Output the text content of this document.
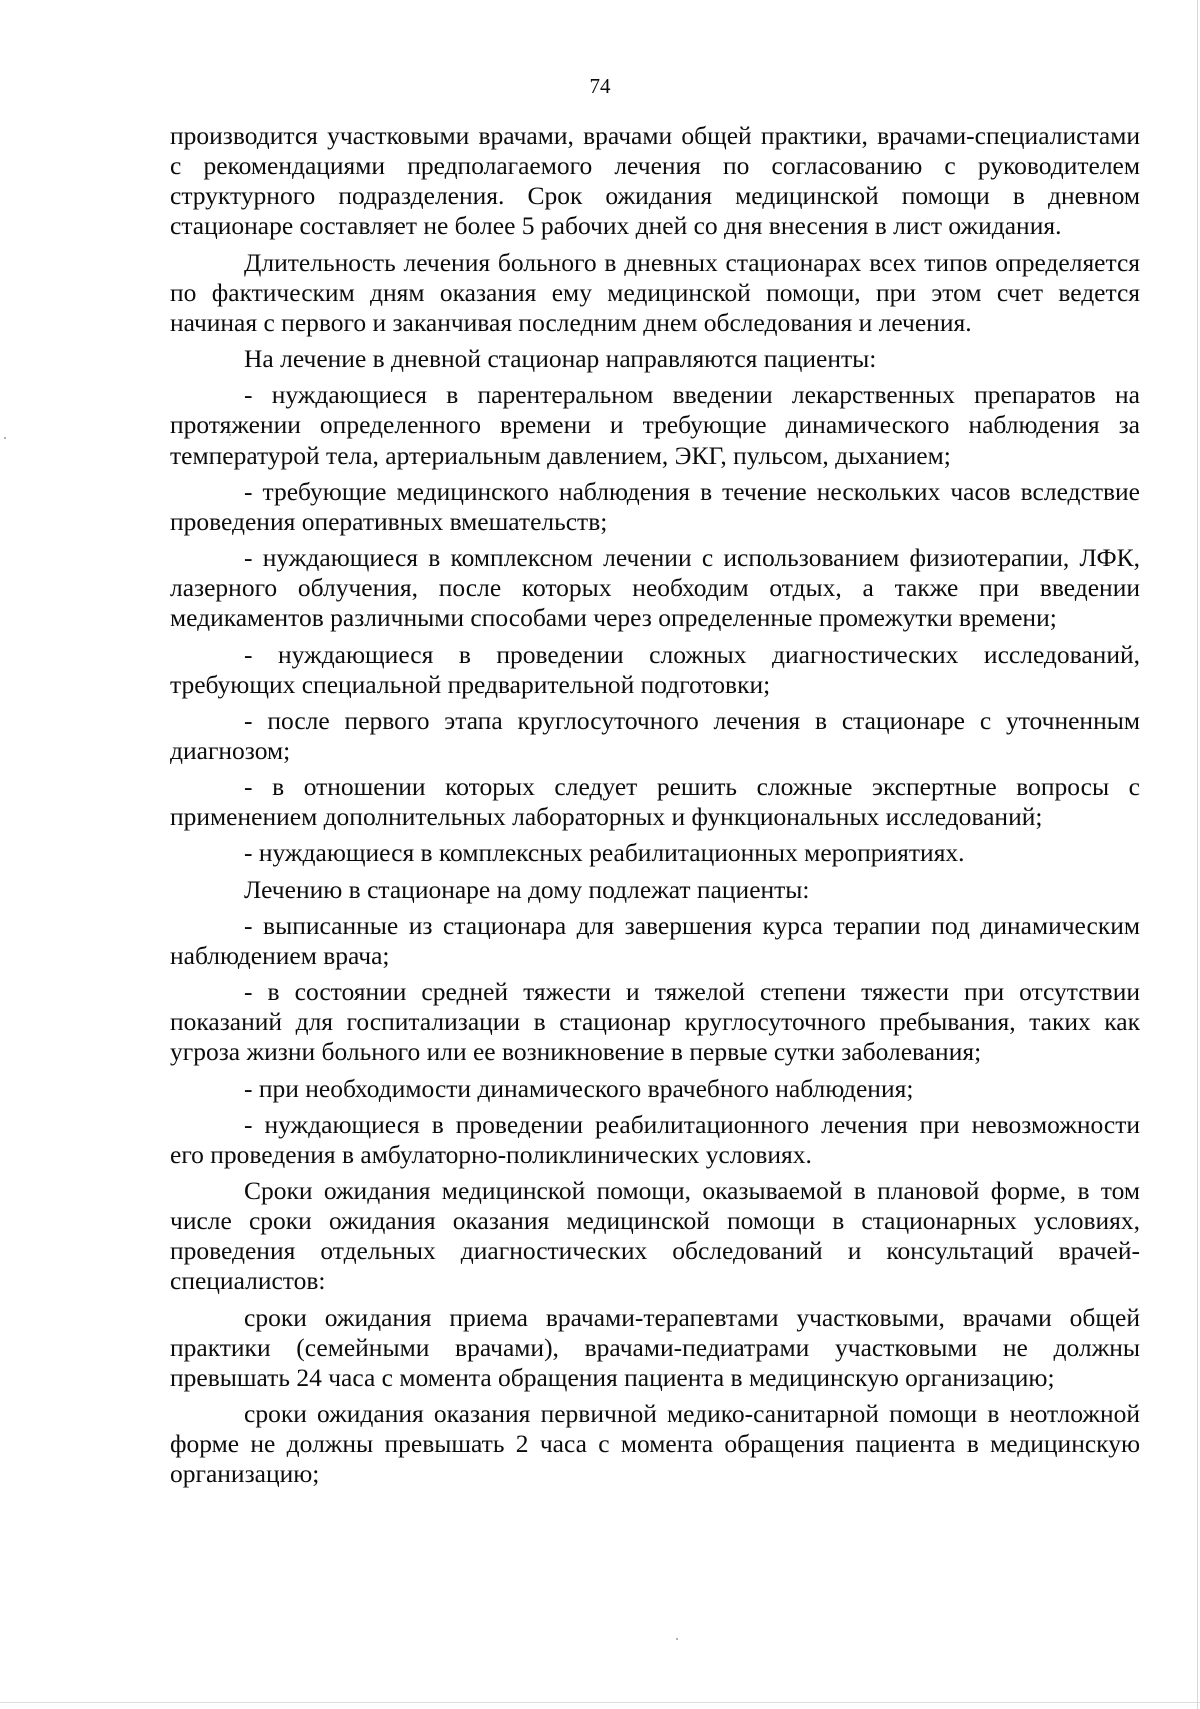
74

производится участковыми врачами, врачами общей практики, врачами-специалистами с рекомендациями предполагаемого лечения по согласованию с руководителем структурного подразделения. Срок ожидания медицинской помощи в дневном стационаре составляет не более 5 рабочих дней со дня внесения в лист ожидания.

Длительность лечения больного в дневных стационарах всех типов определяется по фактическим дням оказания ему медицинской помощи, при этом счет ведется начиная с первого и заканчивая последним днем обследования и лечения.

На лечение в дневной стационар направляются пациенты:

- нуждающиеся в парентеральном введении лекарственных препаратов на протяжении определенного времени и требующие динамического наблюдения за температурой тела, артериальным давлением, ЭКГ, пульсом, дыханием;

- требующие медицинского наблюдения в течение нескольких часов вследствие проведения оперативных вмешательств;

- нуждающиеся в комплексном лечении с использованием физиотерапии, ЛФК, лазерного облучения, после которых необходим отдых, а также при введении медикаментов различными способами через определенные промежутки времени;

- нуждающиеся в проведении сложных диагностических исследований, требующих специальной предварительной подготовки;

- после первого этапа круглосуточного лечения в стационаре с уточненным диагнозом;

- в отношении которых следует решить сложные экспертные вопросы с применением дополнительных лабораторных и функциональных исследований;

- нуждающиеся в комплексных реабилитационных мероприятиях.

Лечению в стационаре на дому подлежат пациенты:

- выписанные из стационара для завершения курса терапии под динамическим наблюдением врача;

- в состоянии средней тяжести и тяжелой степени тяжести при отсутствии показаний для госпитализации в стационар круглосуточного пребывания, таких как угроза жизни больного или ее возникновение в первые сутки заболевания;

- при необходимости динамического врачебного наблюдения;

- нуждающиеся в проведении реабилитационного лечения при невозможности его проведения в амбулаторно-поликлинических условиях.

Сроки ожидания медицинской помощи, оказываемой в плановой форме, в том числе сроки ожидания оказания медицинской помощи в стационарных условиях, проведения отдельных диагностических обследований и консультаций врачей-специалистов:

сроки ожидания приема врачами-терапевтами участковыми, врачами общей практики (семейными врачами), врачами-педиатрами участковыми не должны превышать 24 часа с момента обращения пациента в медицинскую организацию;

сроки ожидания оказания первичной медико-санитарной помощи в неотложной форме не должны превышать 2 часа с момента обращения пациента в медицинскую организацию;
